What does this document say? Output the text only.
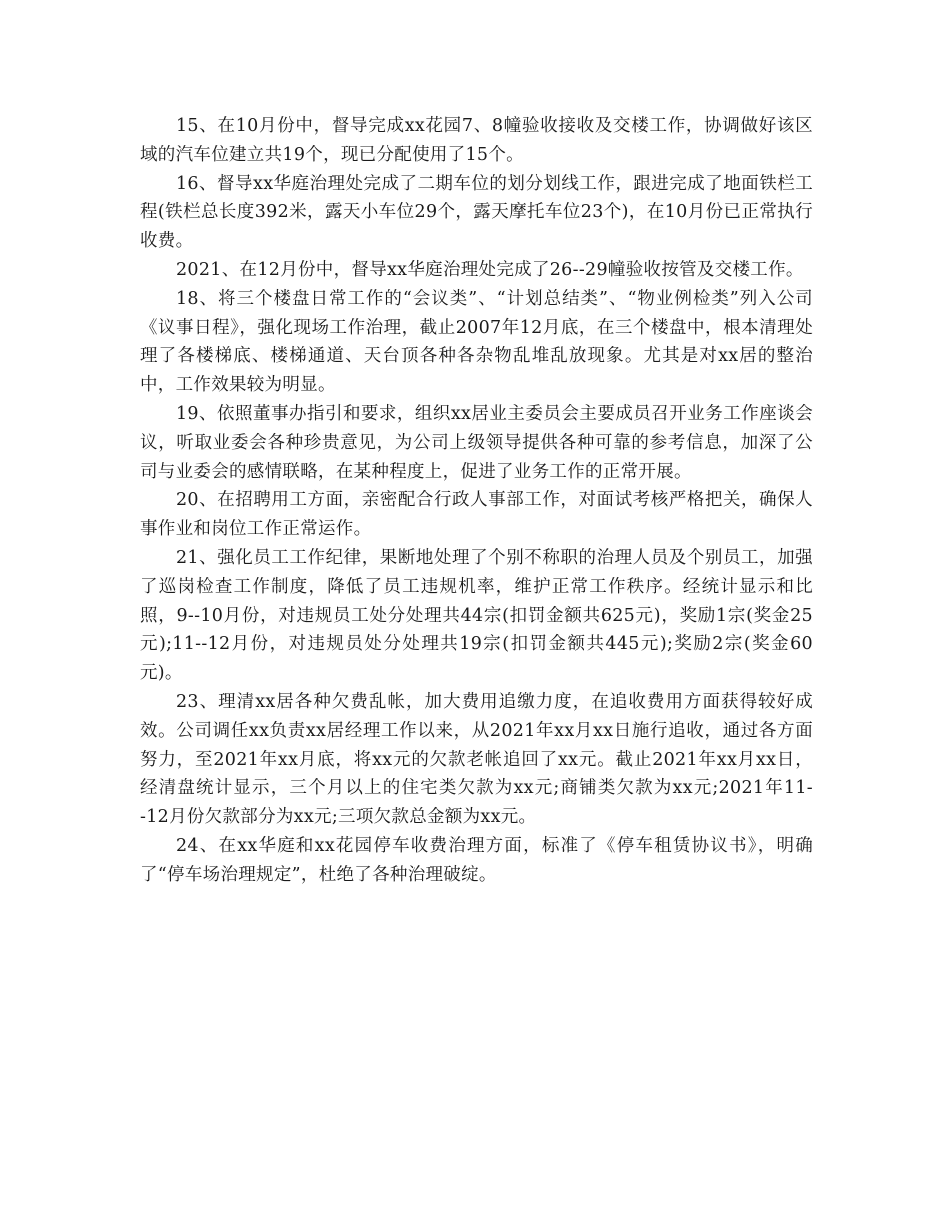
15、在10月份中，督导完成xx花园7、8幢验收接收及交楼工作，协调做好该区域的汽车位建立共19个，现已分配使用了15个。

16、督导xx华庭治理处完成了二期车位的划分划线工作，跟进完成了地面铁栏工程(铁栏总长度392米，露天小车位29个，露天摩托车位23个)，在10月份已正常执行收费。

2021、在12月份中，督导xx华庭治理处完成了26--29幢验收按管及交楼工作。

18、将三个楼盘日常工作的“会议类”、“计划总结类”、“物业例检类”列入公司《议事日程》，强化现场工作治理，截止2007年12月底，在三个楼盘中，根本清理处理了各楼梯底、楼梯通道、天台顶各种各杂物乱堆乱放现象。尤其是对xx居的整治中，工作效果较为明显。

19、依照董事办指引和要求，组织xx居业主委员会主要成员召开业务工作座谈会议，听取业委会各种珍贵意见，为公司上级领导提供各种可靠的参考信息，加深了公司与业委会的感情联略，在某种程度上，促进了业务工作的正常开展。

20、在招聘用工方面，亲密配合行政人事部工作，对面试考核严格把关，确保人事作业和岗位工作正常运作。

21、强化员工工作纪律，果断地处理了个别不称职的治理人员及个别员工，加强了巡岗检查工作制度，降低了员工违规机率，维护正常工作秩序。经统计显示和比照，9--10月份，对违规员工处分处理共44宗(扣罚金额共625元)，奖励1宗(奖金25元);11--12月份，对违规员处分处理共19宗(扣罚金额共445元);奖励2宗(奖金60元)。

23、理清xx居各种欠费乱帐，加大费用追缴力度，在追收费用方面获得较好成效。公司调任xx负责xx居经理工作以来，从2021年xx月xx日施行追收，通过各方面努力，至2021年xx月底，将xx元的欠款老帐追回了xx元。截止2021年xx月xx日，经清盘统计显示，三个月以上的住宅类欠款为xx元;商铺类欠款为xx元;2021年11--12月份欠款部分为xx元;三项欠款总金额为xx元。

24、在xx华庭和xx花园停车收费治理方面，标准了《停车租赁协议书》，明确了“停车场治理规定”，杜绝了各种治理破绽。
